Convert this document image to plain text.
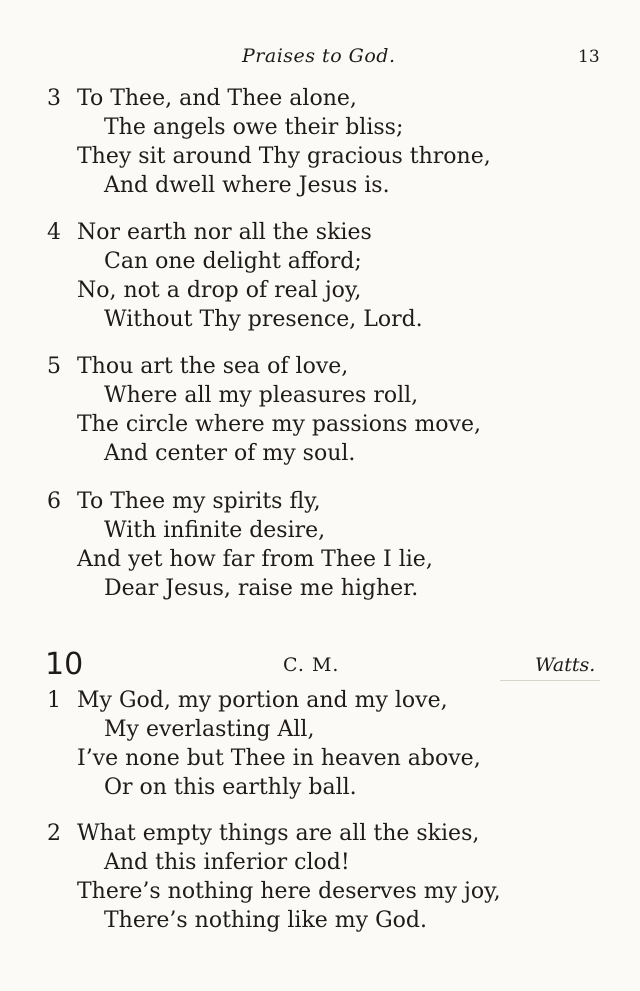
Praises to God.	13
3 To Thee, and Thee alone,
The angels owe their bliss;
They sit around Thy gracious throne,
And dwell where Jesus is.
4 Nor earth nor all the skies
Can one delight afford;
No, not a drop of real joy,
Without Thy presence, Lord.
5 Thou art the sea of love,
Where all my pleasures roll,
The circle where my passions move,
And center of my soul.
6 To Thee my spirits fly,
With infinite desire,
And yet how far from Thee I lie,
Dear Jesus, raise me higher.
10	C. M.	Watts.
1 My God, my portion and my love,
My everlasting All,
I’ve none but Thee in heaven above,
Or on this earthly ball.
2 What empty things are all the skies,
And this inferior clod!
There’s nothing here deserves my joy,
There’s nothing like my God.
